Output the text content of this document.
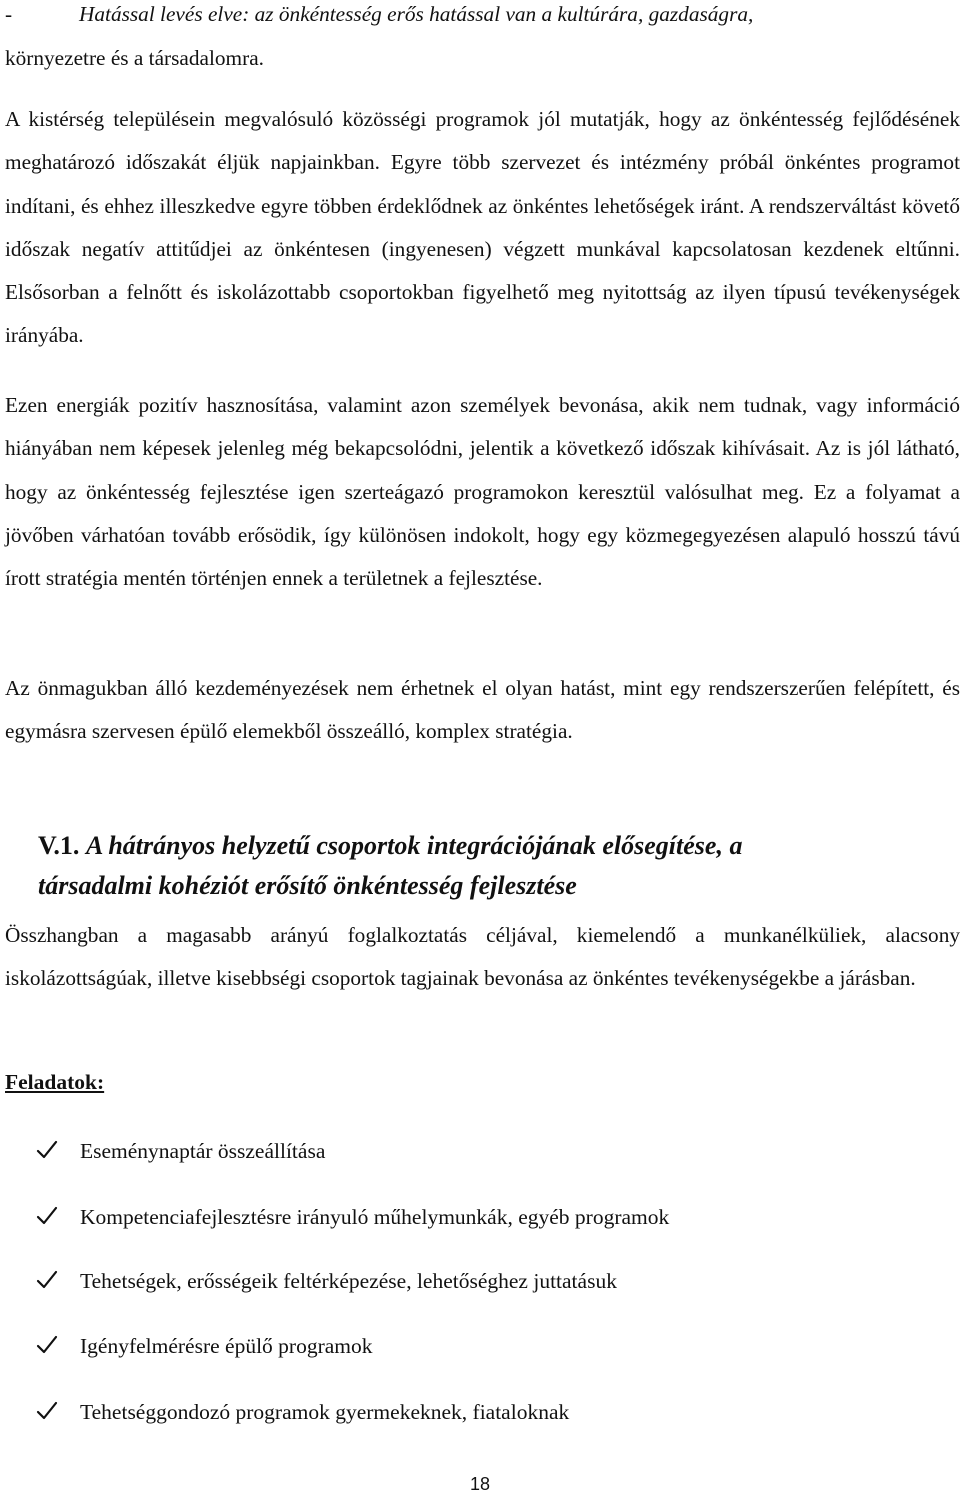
-	Hatással levés elve: az önkéntesség erős hatással van a kultúrára, gazdaságra,
környezetre és a társadalomra.

A kistérség településein megvalósuló közösségi programok jól mutatják, hogy az önkéntesség fejlődésének meghatározó időszakát éljük napjainkban. Egyre több szervezet és intézmény próbál önkéntes programot indítani, és ehhez illeszkedve egyre többen érdeklődnek az önkéntes lehetőségek iránt. A rendszerváltást követő időszak negatív attitűdjei az önkéntesen (ingyenesen) végzett munkával kapcsolatosan kezdenek eltűnni. Elsősorban a felnőtt és iskolázottabb csoportokban figyelhető meg nyitottság az ilyen típusú tevékenységek irányába.

Ezen energiák pozitív hasznosítása, valamint azon személyek bevonása, akik nem tudnak, vagy információ hiányában nem képesek jelenleg még bekapcsolódni, jelentik a következő időszak kihívásait. Az is jól látható, hogy az önkéntesség fejlesztése igen szerteágazó programokon keresztül valósulhat meg. Ez a folyamat a jövőben várhatóan tovább erősödik, így különösen indokolt, hogy egy közmegegyezésen alapuló hosszú távú írott stratégia mentén történjen ennek a területnek a fejlesztése.

Az önmagukban álló kezdeményezések nem érhetnek el olyan hatást, mint egy rendszerszerűen felépített, és egymásra szervesen épülő elemekből összeálló, komplex stratégia.

V.1. A hátrányos helyzetű csoportok integrációjának elősegítése, a
társadalmi kohéziót erősítő önkéntesség fejlesztése

Összhangban a magasabb arányú foglalkoztatás céljával, kiemelendő a munkanélküliek, alacsony iskolázottságúak, illetve kisebbségi csoportok tagjainak bevonása az önkéntes tevékenységekbe a járásban.

Feladatok:

Eseménynaptár összeállítása
Kompetenciafejlesztésre irányuló műhelymunkák, egyéb programok
Tehetségek, erősségeik feltérképezése, lehetőséghez juttatásuk
Igényfelmérésre épülő programok
Tehetséggondozó programok gyermekeknek, fiataloknak
18
